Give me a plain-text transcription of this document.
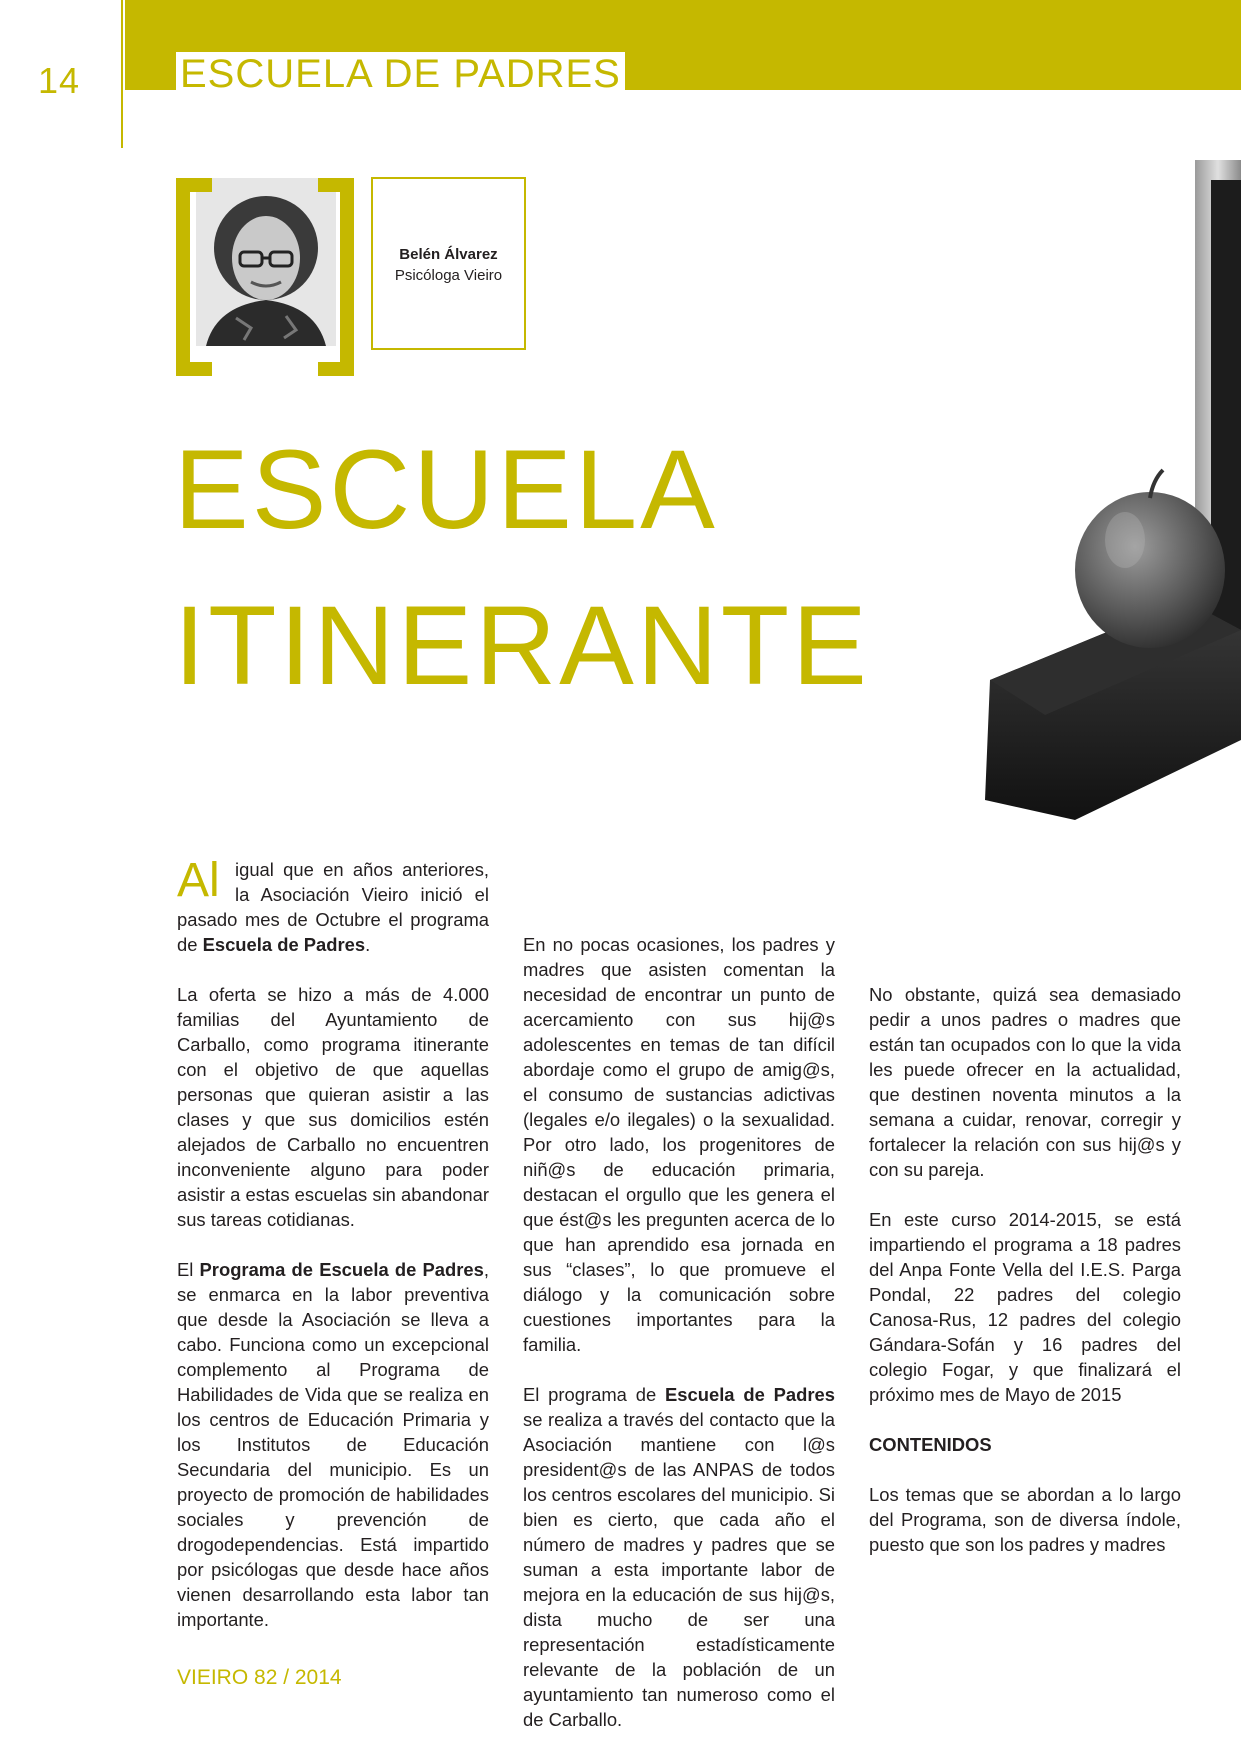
14 ESCUELA DE PADRES
Belén Álvarez
Psicóloga Vieiro
ESCUELA
ITINERANTE

Al igual que en años anteriores, la Asociación Vieiro inició el pasado mes de Octubre el programa de Escuela de Padres.

La oferta se hizo a más de 4.000 familias del Ayuntamiento de Carballo, como programa itinerante con el objetivo de que aquellas personas que quieran asistir a las clases y que sus domicilios estén alejados de Carballo no encuentren inconveniente alguno para poder asistir a estas escuelas sin abandonar sus tareas cotidianas.

El Programa de Escuela de Padres, se enmarca en la labor preventiva que desde la Asociación se lleva a cabo. Funciona como un excepcional complemento al Programa de Habilidades de Vida que se realiza en los centros de Educación Primaria y los Institutos de Educación Secundaria del municipio. Es un proyecto de promoción de habilidades sociales y prevención de drogodependencias. Está impartido por psicólogas que desde hace años vienen desarrollando esta labor tan importante.

En no pocas ocasiones, los padres y madres que asisten comentan la necesidad de encontrar un punto de acercamiento con sus hij@s adolescentes en temas de tan difícil abordaje como el grupo de amig@s, el consumo de sustancias adictivas (legales e/o ilegales) o la sexualidad. Por otro lado, los progenitores de niñ@s de educación primaria, destacan el orgullo que les genera el que ést@s les pregunten acerca de lo que han aprendido esa jornada en sus “clases”, lo que promueve el diálogo y la comunicación sobre cuestiones importantes para la familia.

El programa de Escuela de Padres se realiza a través del contacto que la Asociación mantiene con l@s president@s de las ANPAS de todos los centros escolares del municipio. Si bien es cierto, que cada año el número de madres y padres que se suman a esta importante labor de mejora en la educación de sus hij@s, dista mucho de ser una representación estadísticamente relevante de la población de un ayuntamiento tan numeroso como el de Carballo.

No obstante, quizá sea demasiado pedir a unos padres o madres que están tan ocupados con lo que la vida les puede ofrecer en la actualidad, que destinen noventa minutos a la semana a cuidar, renovar, corregir y fortalecer la relación con sus hij@s y con su pareja.

En este curso 2014-2015, se está impartiendo el programa a 18 padres del Anpa Fonte Vella del I.E.S. Parga Pondal, 22 padres del colegio Canosa-Rus, 12 padres del colegio Gándara-Sofán y 16 padres del colegio Fogar, y que finalizará el próximo mes de Mayo de 2015

CONTENIDOS

Los temas que se abordan a lo largo del Programa, son de diversa índole, puesto que son los padres y madres

VIEIRO 82 / 2014
